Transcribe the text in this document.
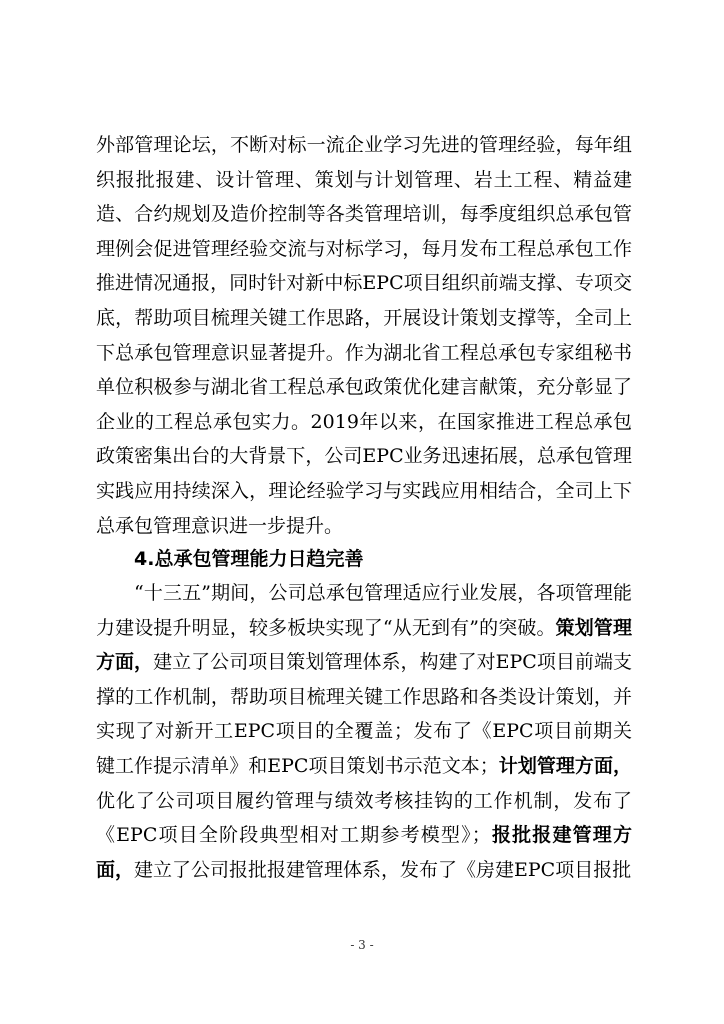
外部管理论坛，不断对标一流企业学习先进的管理经验，每年组织报批报建、设计管理、策划与计划管理、岩土工程、精益建造、合约规划及造价控制等各类管理培训，每季度组织总承包管理例会促进管理经验交流与对标学习，每月发布工程总承包工作推进情况通报，同时针对新中标EPC项目组织前端支撑、专项交底，帮助项目梳理关键工作思路，开展设计策划支撑等，全司上下总承包管理意识显著提升。作为湖北省工程总承包专家组秘书单位积极参与湖北省工程总承包政策优化建言献策，充分彰显了企业的工程总承包实力。2019年以来，在国家推进工程总承包政策密集出台的大背景下，公司EPC业务迅速拓展，总承包管理实践应用持续深入，理论经验学习与实践应用相结合，全司上下总承包管理意识进一步提升。
4.总承包管理能力日趋完善
“十三五”期间，公司总承包管理适应行业发展，各项管理能力建设提升明显，较多板块实现了“从无到有”的突破。策划管理方面，建立了公司项目策划管理体系，构建了对EPC项目前端支撑的工作机制，帮助项目梳理关键工作思路和各类设计策划，并实现了对新开工EPC项目的全覆盖；发布了《EPC项目前期关键工作提示清单》和EPC项目策划书示范文本；计划管理方面，优化了公司项目履约管理与绩效考核挂钩的工作机制，发布了《EPC项目全阶段典型相对工期参考模型》；报批报建管理方面，建立了公司报批报建管理体系，发布了《房建EPC项目报批
- 3 -
